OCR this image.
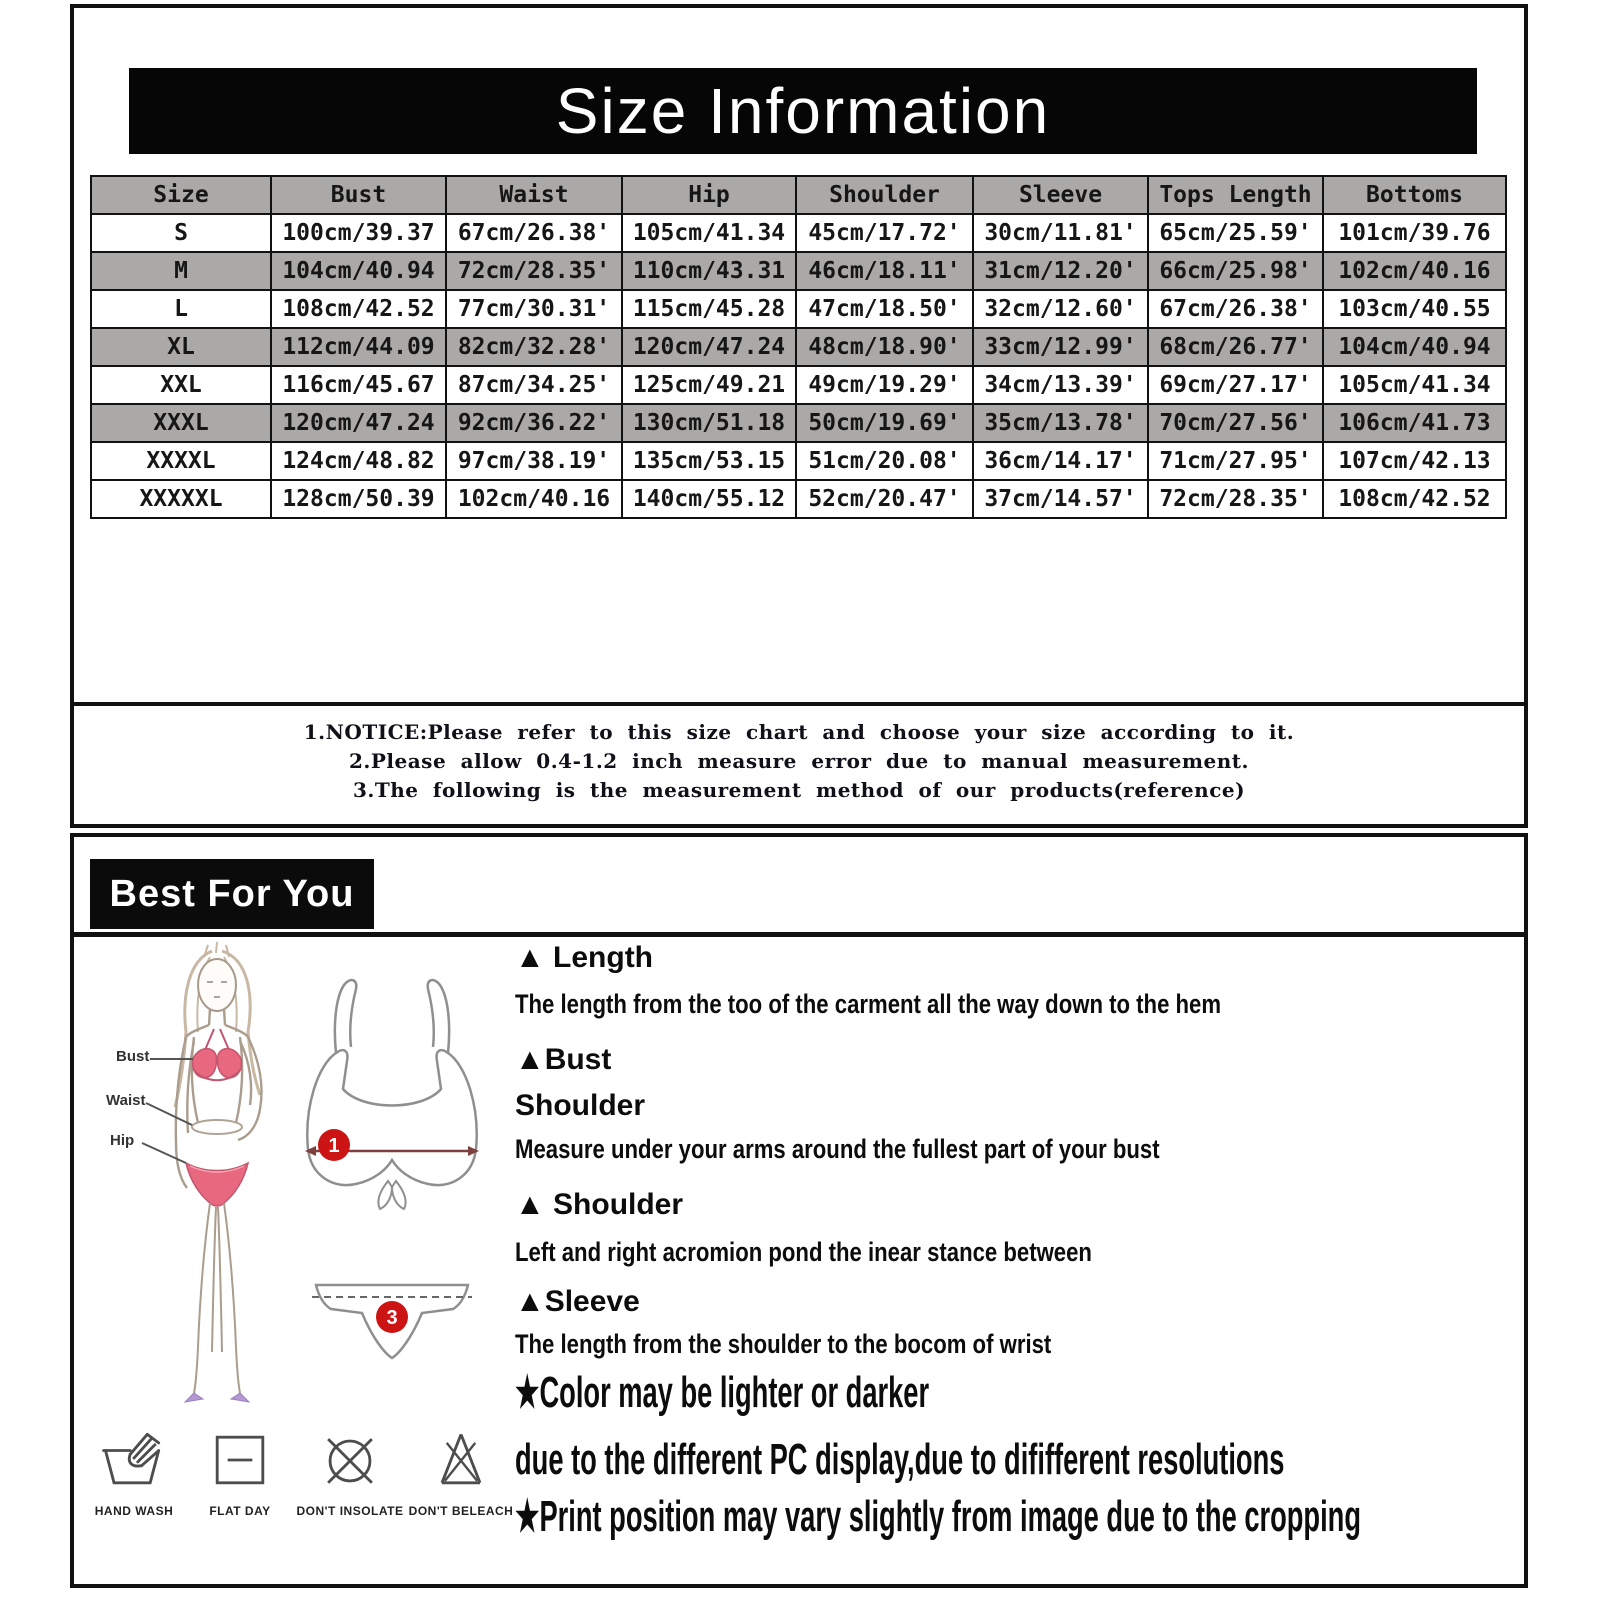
Size Information
Size	Bust	Waist	Hip	Shoulder	Sleeve	Tops Length	Bottoms
S	100cm/39.37	67cm/26.38'	105cm/41.34	45cm/17.72'	30cm/11.81'	65cm/25.59'	101cm/39.76
M	104cm/40.94	72cm/28.35'	110cm/43.31	46cm/18.11'	31cm/12.20'	66cm/25.98'	102cm/40.16
L	108cm/42.52	77cm/30.31'	115cm/45.28	47cm/18.50'	32cm/12.60'	67cm/26.38'	103cm/40.55
XL	112cm/44.09	82cm/32.28'	120cm/47.24	48cm/18.90'	33cm/12.99'	68cm/26.77'	104cm/40.94
XXL	116cm/45.67	87cm/34.25'	125cm/49.21	49cm/19.29'	34cm/13.39'	69cm/27.17'	105cm/41.34
XXXL	120cm/47.24	92cm/36.22'	130cm/51.18	50cm/19.69'	35cm/13.78'	70cm/27.56'	106cm/41.73
XXXXL	124cm/48.82	97cm/38.19'	135cm/53.15	51cm/20.08'	36cm/14.17'	71cm/27.95'	107cm/42.13
XXXXXL	128cm/50.39	102cm/40.16	140cm/55.12	52cm/20.47'	37cm/14.57'	72cm/28.35'	108cm/42.52
1.NOTICE:Please refer to this size chart and choose your size according to it.
2.Please allow 0.4-1.2 inch measure error due to manual measurement.
3.The following is the measurement method of our products(reference)
Best For You
1
3
Bust
Waist
Hip
▲ Length
The length from the too of the carment all the way down to the hem
▲Bust
Shoulder
Measure under your arms around the fullest part of your bust
▲ Shoulder
Left and right acromion pond the inear stance between
▲Sleeve
The length from the shoulder to the bocom of wrist
★Color may be lighter or darker
due to the different PC display,due to dififferent resolutions
★Print position may vary slightly from image due to the cropping
HAND WASH	FLAT DAY	DON'T INSOLATE DON'T BELEACH
